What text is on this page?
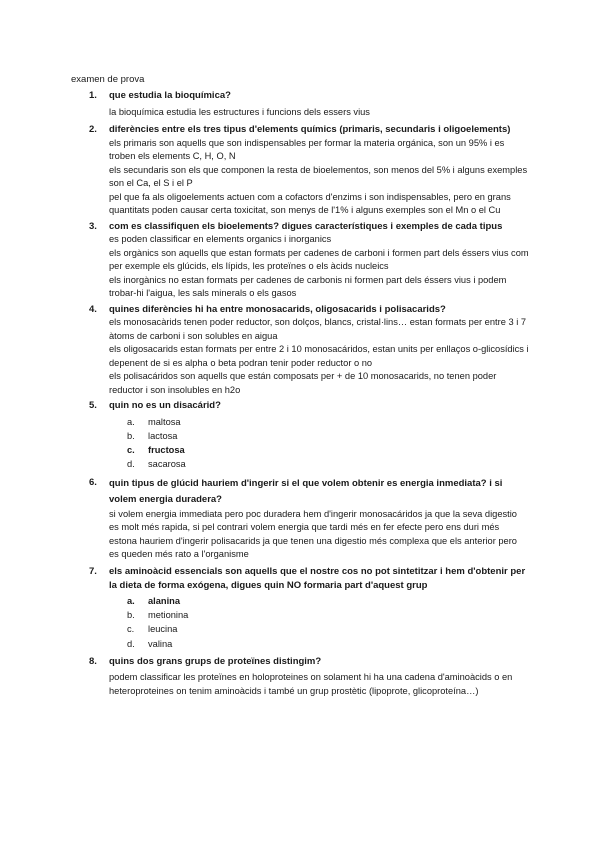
examen de prova
1.	que estudia la bioquímica?
la bioquímica estudia les estructures i funcions dels essers vius
2.	diferències entre els tres tipus d'elements químics (primaris, secundaris i oligoelements)
els primaris son aquells que son indispensables per formar la materia orgánica, son un 95% i es troben els elements C, H, O, N
els secundaris son els que componen la resta de bioelementos, son menos del 5% i alguns exemples son el Ca, el S i el P
pel que fa als oligoelements actuen com a cofactors d'enzims i son indispensables, pero en grans quantitats poden causar certa toxicitat, son menys de l'1% i alguns exemples son el Mn o el Cu
3.	com es classifiquen els bioelements? digues característiques i exemples de cada tipus
es poden classificar en elements organics i inorganics
els orgànics son aquells que estan formats per cadenes de carboni i formen part dels éssers vius com per exemple els glúcids, els lípids, les proteïnes o els àcids nucleics
els inorgànics no estan formats per cadenes de carbonis ni formen part dels éssers vius i podem trobar-hi l'aigua, les sals minerals o els gasos
4.	quines diferències hi ha entre monosacarids, oligosacarids i polisacarids?
els monosacàrids tenen poder reductor, son dolços, blancs, cristal·lins… estan formats per entre 3 i 7 àtoms de carboni i son solubles en aigua
els oligosacarids estan formats per entre 2 i 10 monosacáridos, estan units per enllaços o-glicosídics i depenent de si es alpha o beta podran tenir poder reductor o no
els polisacáridos son aquells que están composats per + de 10 monosacarids, no tenen poder reductor i son insolubles en h2o
5.	quin no es un disacárid?
a.	maltosa
b.	lactosa
c.	fructosa
d.	sacarosa
6.	quin tipus de glúcid hauriem d'ingerir si el que volem obtenir es energia inmediata? i si volem energia duradera?
si volem energia immediata pero poc duradera hem d'ingerir monosacáridos ja que la seva digestio es molt més rapida, si pel contrari volem energia que tardi més en fer efecte pero ens duri més estona hauriem d'ingerir polisacarids ja que tenen una digestio més complexa que els anterior pero es queden més rato a l'organisme
7.	els aminoàcid essencials son aquells que el nostre cos no pot sintetitzar i hem d'obtenir per la dieta de forma exógena, digues quin NO formaria part d'aquest grup
a.	alanina
b.	metionina
c.	leucina
d.	valina
8.	quins dos grans grups de proteïnes distingim?
podem classificar les proteïnes en holoproteines on solament hi ha una cadena d'aminoàcids o en heteroproteines on tenim aminoàcids i també un grup prostètic (lipoprote, glicoproteína…)
